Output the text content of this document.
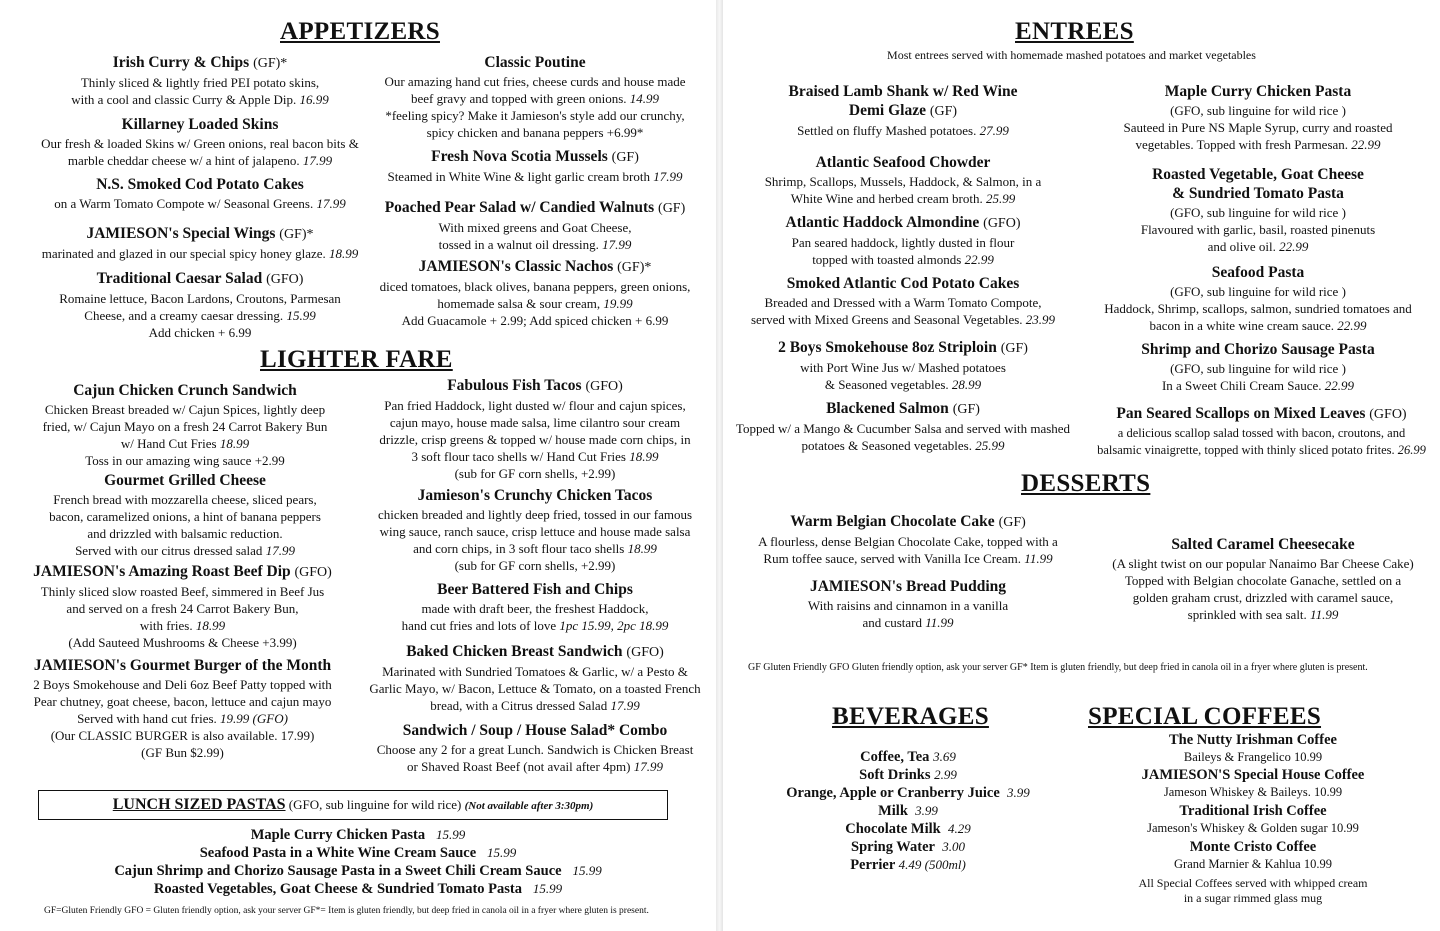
APPETIZERS
Irish Curry & Chips (GF)*
Thinly sliced & lightly fried PEI potato skins,
with a cool and classic Curry & Apple Dip. 16.99
Killarney Loaded Skins
Our fresh & loaded Skins w/ Green onions, real bacon bits &
marble cheddar cheese w/ a hint of jalapeno. 17.99
N.S. Smoked Cod Potato Cakes
on a Warm Tomato Compote w/ Seasonal Greens. 17.99
JAMIESON's Special Wings (GF)*
marinated and glazed in our special spicy honey glaze. 18.99
Traditional Caesar Salad (GFO)
Romaine lettuce, Bacon Lardons, Croutons, Parmesan
Cheese, and a creamy caesar dressing. 15.99
Add chicken + 6.99
Classic Poutine
Our amazing hand cut fries, cheese curds and house made
beef gravy and topped with green onions. 14.99
*feeling spicy? Make it Jamieson's style add our crunchy,
spicy chicken and banana peppers +6.99*
Fresh Nova Scotia Mussels (GF)
Steamed in White Wine & light garlic cream broth 17.99
Poached Pear Salad w/ Candied Walnuts (GF)
With mixed greens and Goat Cheese,
tossed in a walnut oil dressing. 17.99
JAMIESON's Classic Nachos (GF)*
diced tomatoes, black olives, banana peppers, green onions,
homemade salsa & sour cream, 19.99
Add Guacamole + 2.99; Add spiced chicken + 6.99
LIGHTER FARE
Cajun Chicken Crunch Sandwich
Chicken Breast breaded w/ Cajun Spices, lightly deep
fried, w/ Cajun Mayo on a fresh 24 Carrot Bakery Bun
w/ Hand Cut Fries 18.99
Toss in our amazing wing sauce +2.99
Gourmet Grilled Cheese
French bread with mozzarella cheese, sliced pears,
bacon, caramelized onions, a hint of banana peppers
and drizzled with balsamic reduction.
Served with our citrus dressed salad 17.99
JAMIESON's Amazing Roast Beef Dip (GFO)
Thinly sliced slow roasted Beef, simmered in Beef Jus
and served on a fresh 24 Carrot Bakery Bun,
with fries. 18.99
(Add Sauteed Mushrooms & Cheese +3.99)
JAMIESON's Gourmet Burger of the Month
2 Boys Smokehouse and Deli 6oz Beef Patty topped with
Pear chutney, goat cheese, bacon, lettuce and cajun mayo
Served with hand cut fries. 19.99 (GFO)
(Our CLASSIC BURGER is also available. 17.99)
(GF Bun $2.99)
Fabulous Fish Tacos (GFO)
Pan fried Haddock, light dusted w/ flour and cajun spices,
cajun mayo, house made salsa, lime cilantro sour cream
drizzle, crisp greens & topped w/ house made corn chips, in
3 soft flour taco shells w/ Hand Cut Fries 18.99
(sub for GF corn shells, +2.99)
Jamieson's Crunchy Chicken Tacos
chicken breaded and lightly deep fried, tossed in our famous
wing sauce, ranch sauce, crisp lettuce and house made salsa
and corn chips, in 3 soft flour taco shells 18.99
(sub for GF corn shells, +2.99)
Beer Battered Fish and Chips
made with draft beer, the freshest Haddock,
hand cut fries and lots of love 1pc 15.99, 2pc 18.99
Baked Chicken Breast Sandwich (GFO)
Marinated with Sundried Tomatoes & Garlic, w/ a Pesto &
Garlic Mayo, w/ Bacon, Lettuce & Tomato, on a toasted French
bread, with a Citrus dressed Salad 17.99
Sandwich / Soup / House Salad* Combo
Choose any 2 for a great Lunch. Sandwich is Chicken Breast
or Shaved Roast Beef (not avail after 4pm) 17.99
LUNCH SIZED PASTAS (GFO, sub linguine for wild rice) (Not available after 3:30pm)
Maple Curry Chicken Pasta 15.99
Seafood Pasta in a White Wine Cream Sauce 15.99
Cajun Shrimp and Chorizo Sausage Pasta in a Sweet Chili Cream Sauce 15.99
Roasted Vegetables, Goat Cheese & Sundried Tomato Pasta 15.99
GF=Gluten Friendly GFO = Gluten friendly option, ask your server GF*= Item is gluten friendly, but deep fried in canola oil in a fryer where gluten is present.
ENTREES
Most entrees served with homemade mashed potatoes and market vegetables
Braised Lamb Shank w/ Red Wine
Demi Glaze (GF)
Settled on fluffy Mashed potatoes. 27.99
Atlantic Seafood Chowder
Shrimp, Scallops, Mussels, Haddock, & Salmon, in a
White Wine and herbed cream broth. 25.99
Atlantic Haddock Almondine (GFO)
Pan seared haddock, lightly dusted in flour
topped with toasted almonds 22.99
Smoked Atlantic Cod Potato Cakes
Breaded and Dressed with a Warm Tomato Compote,
served with Mixed Greens and Seasonal Vegetables. 23.99
2 Boys Smokehouse 8oz Striploin (GF)
with Port Wine Jus w/ Mashed potatoes
& Seasoned vegetables. 28.99
Blackened Salmon (GF)
Topped w/ a Mango & Cucumber Salsa and served with mashed
potatoes & Seasoned vegetables. 25.99
Maple Curry Chicken Pasta
(GFO, sub linguine for wild rice )
Sauteed in Pure NS Maple Syrup, curry and roasted
vegetables. Topped with fresh Parmesan. 22.99
Roasted Vegetable, Goat Cheese
& Sundried Tomato Pasta
(GFO, sub linguine for wild rice )
Flavoured with garlic, basil, roasted pinenuts
and olive oil. 22.99
Seafood Pasta
(GFO, sub linguine for wild rice )
Haddock, Shrimp, scallops, salmon, sundried tomatoes and
bacon in a white wine cream sauce. 22.99
Shrimp and Chorizo Sausage Pasta
(GFO, sub linguine for wild rice )
In a Sweet Chili Cream Sauce. 22.99
Pan Seared Scallops on Mixed Leaves (GFO)
a delicious scallop salad tossed with bacon, croutons, and
balsamic vinaigrette, topped with thinly sliced potato frites. 26.99
DESSERTS
Warm Belgian Chocolate Cake (GF)
A flourless, dense Belgian Chocolate Cake, topped with a
Rum toffee sauce, served with Vanilla Ice Cream. 11.99
JAMIESON's Bread Pudding
With raisins and cinnamon in a vanilla
and custard 11.99
Salted Caramel Cheesecake
(A slight twist on our popular Nanaimo Bar Cheese Cake)
Topped with Belgian chocolate Ganache, settled on a
golden graham crust, drizzled with caramel sauce,
sprinkled with sea salt. 11.99
GF Gluten Friendly GFO Gluten friendly option, ask your server GF* Item is gluten friendly, but deep fried in canola oil in a fryer where gluten is present.
BEVERAGES
Coffee, Tea 3.69
Soft Drinks 2.99
Orange, Apple or Cranberry Juice 3.99
Milk 3.99
Chocolate Milk 4.29
Spring Water 3.00
Perrier 4.49 (500ml)
SPECIAL COFFEES
The Nutty Irishman Coffee
Baileys & Frangelico 10.99
JAMIESON'S Special House Coffee
Jameson Whiskey & Baileys. 10.99
Traditional Irish Coffee
Jameson's Whiskey & Golden sugar 10.99
Monte Cristo Coffee
Grand Marnier & Kahlua 10.99
All Special Coffees served with whipped cream
in a sugar rimmed glass mug
